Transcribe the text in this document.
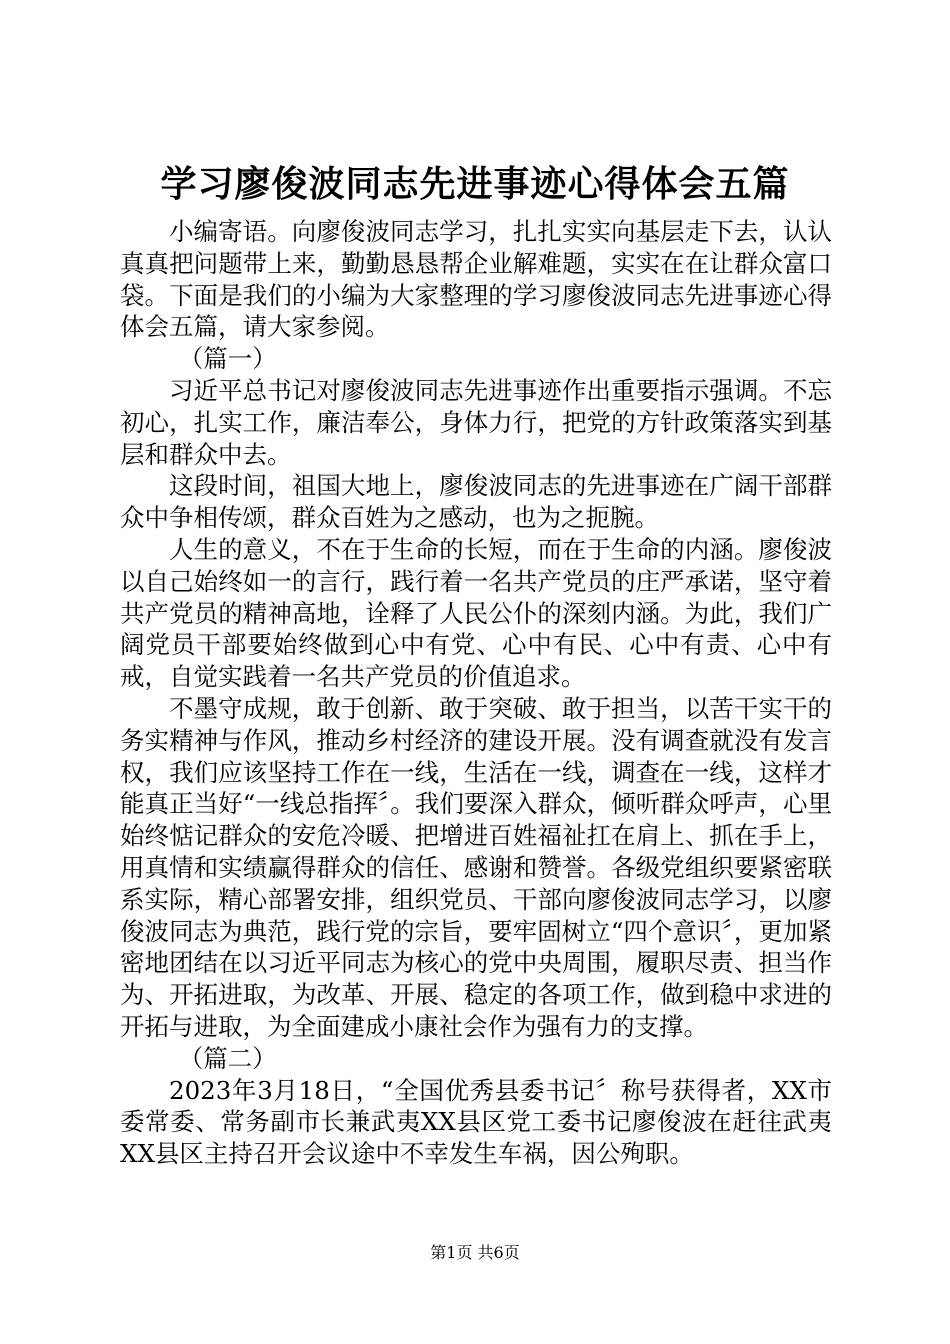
学习廖俊波同志先进事迹心得体会五篇

小编寄语。向廖俊波同志学习，扎扎实实向基层走下去，认认真真把问题带上来，勤勤恳恳帮企业解难题，实实在在让群众富口袋。下面是我们的小编为大家整理的学习廖俊波同志先进事迹心得体会五篇，请大家参阅。

（篇一）

习近平总书记对廖俊波同志先进事迹作出重要指示强调。不忘初心，扎实工作，廉洁奉公，身体力行，把党的方针政策落实到基层和群众中去。

这段时间，祖国大地上，廖俊波同志的先进事迹在广阔干部群众中争相传颂，群众百姓为之感动，也为之扼腕。

人生的意义，不在于生命的长短，而在于生命的内涵。廖俊波以自己始终如一的言行，践行着一名共产党员的庄严承诺，坚守着共产党员的精神高地，诠释了人民公仆的深刻内涵。为此，我们广阔党员干部要始终做到心中有党、心中有民、心中有责、心中有戒，自觉实践着一名共产党员的价值追求。

不墨守成规，敢于创新、敢于突破、敢于担当，以苦干实干的务实精神与作风，推动乡村经济的建设开展。没有调查就没有发言权，我们应该坚持工作在一线，生活在一线，调查在一线，这样才能真正当好“一线总指挥〞。我们要深入群众，倾听群众呼声，心里始终惦记群众的安危冷暖、把增进百姓福祉扛在肩上、抓在手上，用真情和实绩赢得群众的信任、感谢和赞誉。各级党组织要紧密联系实际，精心部署安排，组织党员、干部向廖俊波同志学习，以廖俊波同志为典范，践行党的宗旨，要牢固树立“四个意识〞，更加紧密地团结在以习近平同志为核心的党中央周围，履职尽责、担当作为、开拓进取，为改革、开展、稳定的各项工作，做到稳中求进的开拓与进取，为全面建成小康社会作为强有力的支撑。

（篇二）

2023年3月18日，“全国优秀县委书记〞称号获得者，XX市委常委、常务副市长兼武夷XX县区党工委书记廖俊波在赶往武夷XX县区主持召开会议途中不幸发生车祸，因公殉职。

第1页 共6页
